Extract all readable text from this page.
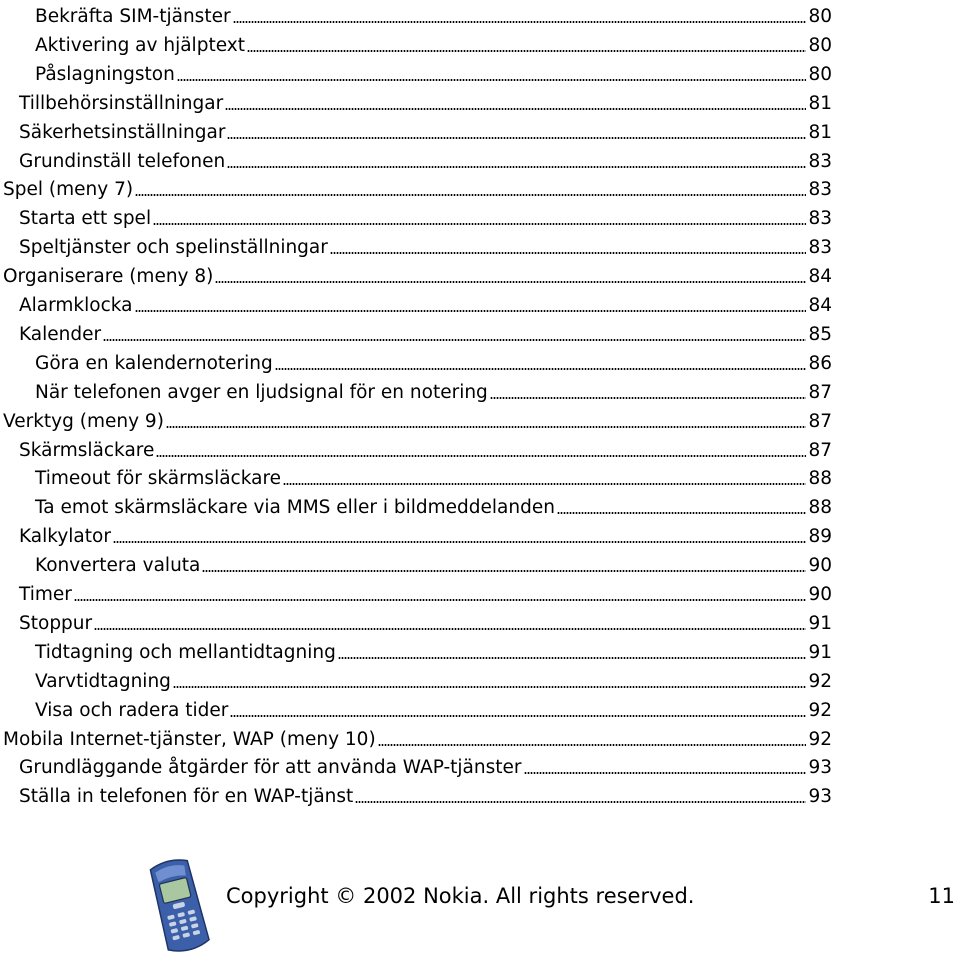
Bekräfta SIM-tjänster	80
Aktivering av hjälptext	80
Påslagningston	80
Tillbehörsinställningar	81
Säkerhetsinställningar	81
Grundinställ telefonen	83
Spel (meny 7)	83
Starta ett spel	83
Speltjänster och spelinställningar	83
Organiserare (meny 8)	84
Alarmklocka	84
Kalender	85
Göra en kalendernotering	86
När telefonen avger en ljudsignal för en notering	87
Verktyg (meny 9)	87
Skärmsläckare	87
Timeout för skärmsläckare	88
Ta emot skärmsläckare via MMS eller i bildmeddelanden	88
Kalkylator	89
Konvertera valuta	90
Timer	90
Stoppur	91
Tidtagning och mellantidtagning	91
Varvtidtagning	92
Visa och radera tider	92
Mobila Internet-tjänster, WAP (meny 10)	92
Grundläggande åtgärder för att använda WAP-tjänster	93
Ställa in telefonen för en WAP-tjänst	93
Copyright © 2002 Nokia. All rights reserved.	11
